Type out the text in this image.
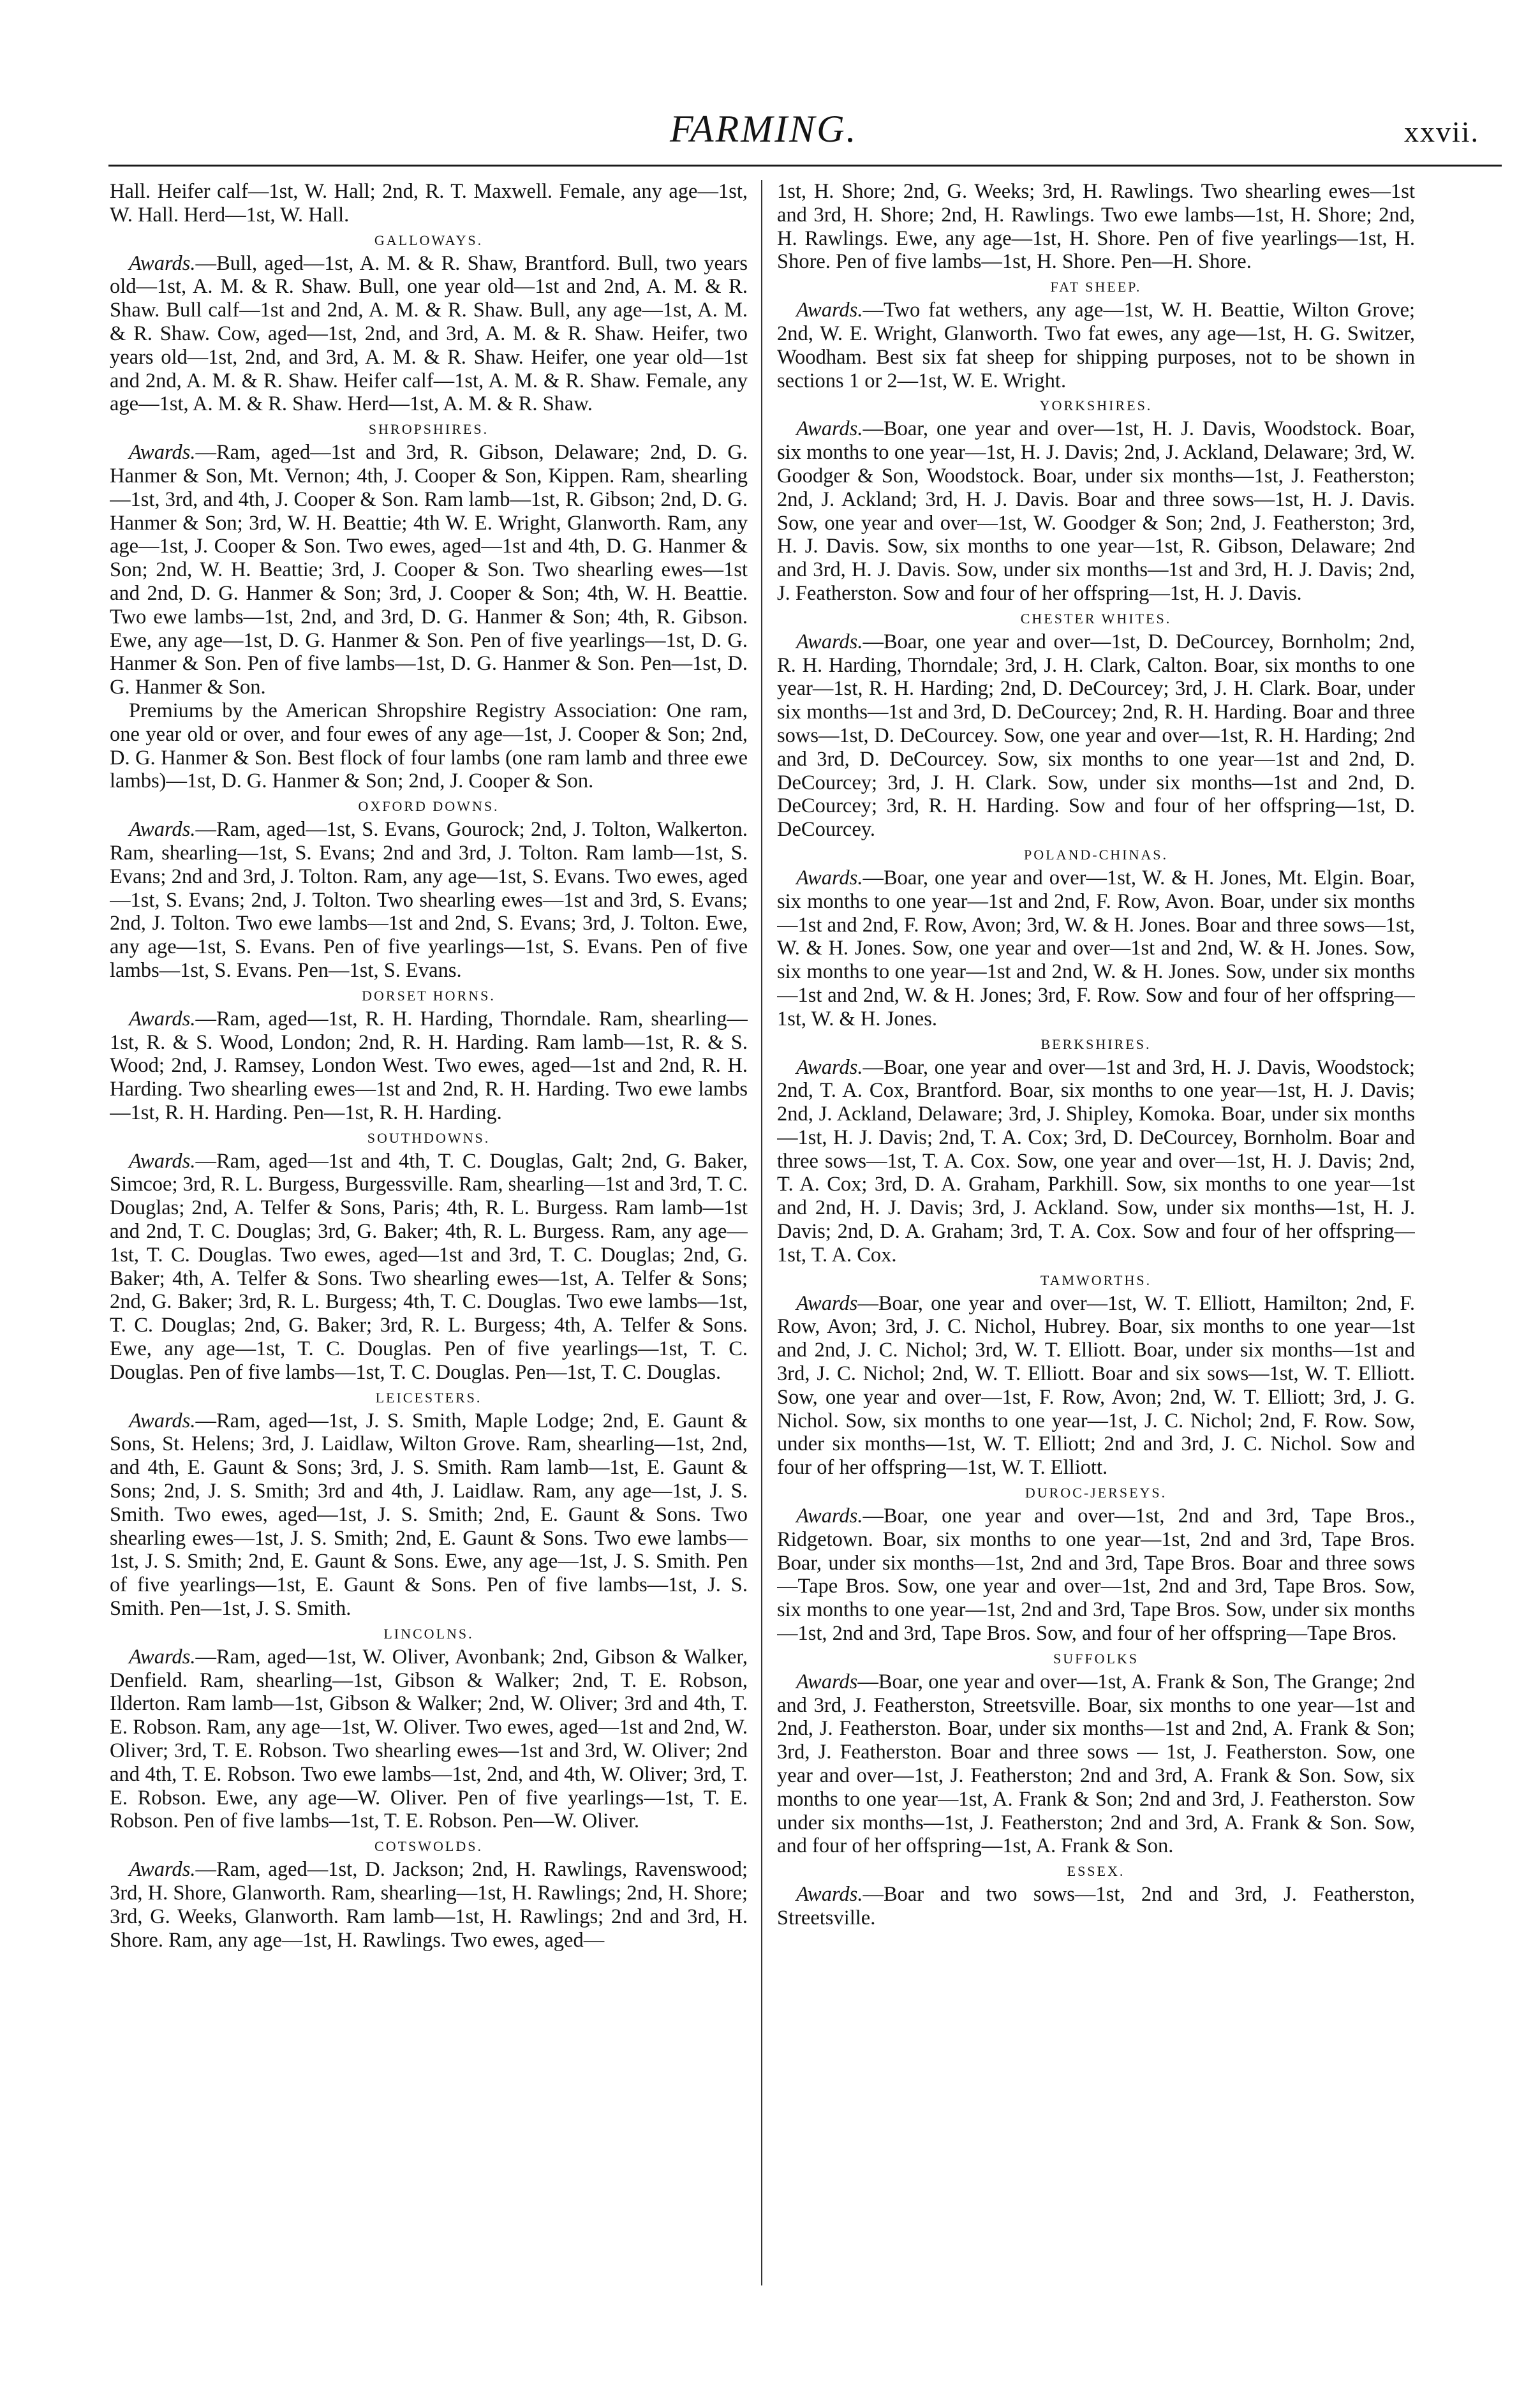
FARMING.	xxvii.

Hall. Heifer calf—1st, W. Hall; 2nd, R. T. Maxwell. Female, any age—1st, W. Hall. Herd—1st, W. Hall.

GALLOWAYS.

Awards.—Bull, aged—1st, A. M. & R. Shaw, Brantford. Bull, two years old—1st, A. M. & R. Shaw. Bull, one year old—1st and 2nd, A. M. & R. Shaw. Bull calf—1st and 2nd, A. M. & R. Shaw. Bull, any age—1st, A. M. & R. Shaw. Cow, aged—1st, 2nd, and 3rd, A. M. & R. Shaw. Heifer, two years old—1st, 2nd, and 3rd, A. M. & R. Shaw. Heifer, one year old—1st and 2nd, A. M. & R. Shaw. Heifer calf—1st, A. M. & R. Shaw. Female, any age—1st, A. M. & R. Shaw. Herd—1st, A. M. & R. Shaw.

SHROPSHIRES.

Awards.—Ram, aged—1st and 3rd, R. Gibson, Delaware; 2nd, D. G. Hanmer & Son, Mt. Vernon; 4th, J. Cooper & Son, Kippen. Ram, shearling—1st, 3rd, and 4th, J. Cooper & Son. Ram lamb—1st, R. Gibson; 2nd, D. G. Hanmer & Son; 3rd, W. H. Beattie; 4th W. E. Wright, Glanworth. Ram, any age—1st, J. Cooper & Son. Two ewes, aged—1st and 4th, D. G. Hanmer & Son; 2nd, W. H. Beattie; 3rd, J. Cooper & Son. Two shearling ewes—1st and 2nd, D. G. Hanmer & Son; 3rd, J. Cooper & Son; 4th, W. H. Beattie. Two ewe lambs—1st, 2nd, and 3rd, D. G. Hanmer & Son; 4th, R. Gibson. Ewe, any age—1st, D. G. Hanmer & Son. Pen of five yearlings—1st, D. G. Hanmer & Son. Pen of five lambs—1st, D. G. Hanmer & Son. Pen—1st, D. G. Hanmer & Son.

Premiums by the American Shropshire Registry Association: One ram, one year old or over, and four ewes of any age—1st, J. Cooper & Son; 2nd, D. G. Hanmer & Son. Best flock of four lambs (one ram lamb and three ewe lambs)—1st, D. G. Hanmer & Son; 2nd, J. Cooper & Son.

OXFORD DOWNS.

Awards.—Ram, aged—1st, S. Evans, Gourock; 2nd, J. Tolton, Walkerton. Ram, shearling—1st, S. Evans; 2nd and 3rd, J. Tolton. Ram lamb—1st, S. Evans; 2nd and 3rd, J. Tolton. Ram, any age—1st, S. Evans. Two ewes, aged—1st, S. Evans; 2nd, J. Tolton. Two shearling ewes—1st and 3rd, S. Evans; 2nd, J. Tolton. Two ewe lambs—1st and 2nd, S. Evans; 3rd, J. Tolton. Ewe, any age—1st, S. Evans. Pen of five yearlings—1st, S. Evans. Pen of five lambs—1st, S. Evans. Pen—1st, S. Evans.

DORSET HORNS.

Awards.—Ram, aged—1st, R. H. Harding, Thorndale. Ram, shearling—1st, R. & S. Wood, London; 2nd, R. H. Harding. Ram lamb—1st, R. & S. Wood; 2nd, J. Ramsey, London West. Two ewes, aged—1st and 2nd, R. H. Harding. Two shearling ewes—1st and 2nd, R. H. Harding. Two ewe lambs—1st, R. H. Harding. Pen—1st, R. H. Harding.

SOUTHDOWNS.

Awards.—Ram, aged—1st and 4th, T. C. Douglas, Galt; 2nd, G. Baker, Simcoe; 3rd, R. L. Burgess, Burgessville. Ram, shearling—1st and 3rd, T. C. Douglas; 2nd, A. Telfer & Sons, Paris; 4th, R. L. Burgess. Ram lamb—1st and 2nd, T. C. Douglas; 3rd, G. Baker; 4th, R. L. Burgess. Ram, any age—1st, T. C. Douglas. Two ewes, aged—1st and 3rd, T. C. Douglas; 2nd, G. Baker; 4th, A. Telfer & Sons. Two shearling ewes—1st, A. Telfer & Sons; 2nd, G. Baker; 3rd, R. L. Burgess; 4th, T. C. Douglas. Two ewe lambs—1st, T. C. Douglas; 2nd, G. Baker; 3rd, R. L. Burgess; 4th, A. Telfer & Sons. Ewe, any age—1st, T. C. Douglas. Pen of five yearlings—1st, T. C. Douglas. Pen of five lambs—1st, T. C. Douglas. Pen—1st, T. C. Douglas.

LEICESTERS.

Awards.—Ram, aged—1st, J. S. Smith, Maple Lodge; 2nd, E. Gaunt & Sons, St. Helens; 3rd, J. Laidlaw, Wilton Grove. Ram, shearling—1st, 2nd, and 4th, E. Gaunt & Sons; 3rd, J. S. Smith. Ram lamb—1st, E. Gaunt & Sons; 2nd, J. S. Smith; 3rd and 4th, J. Laidlaw. Ram, any age—1st, J. S. Smith. Two ewes, aged—1st, J. S. Smith; 2nd, E. Gaunt & Sons. Two shearling ewes—1st, J. S. Smith; 2nd, E. Gaunt & Sons. Two ewe lambs—1st, J. S. Smith; 2nd, E. Gaunt & Sons. Ewe, any age—1st, J. S. Smith. Pen of five yearlings—1st, E. Gaunt & Sons. Pen of five lambs—1st, J. S. Smith. Pen—1st, J. S. Smith.

LINCOLNS.

Awards.—Ram, aged—1st, W. Oliver, Avonbank; 2nd, Gibson & Walker, Denfield. Ram, shearling—1st, Gibson & Walker; 2nd, T. E. Robson, Ilderton. Ram lamb—1st, Gibson & Walker; 2nd, W. Oliver; 3rd and 4th, T. E. Robson. Ram, any age—1st, W. Oliver. Two ewes, aged—1st and 2nd, W. Oliver; 3rd, T. E. Robson. Two shearling ewes—1st and 3rd, W. Oliver; 2nd and 4th, T. E. Robson. Two ewe lambs—1st, 2nd, and 4th, W. Oliver; 3rd, T. E. Robson. Ewe, any age—W. Oliver. Pen of five yearlings—1st, T. E. Robson. Pen of five lambs—1st, T. E. Robson. Pen—W. Oliver.

COTSWOLDS.

Awards.—Ram, aged—1st, D. Jackson; 2nd, H. Rawlings, Ravenswood; 3rd, H. Shore, Glanworth. Ram, shearling—1st, H. Rawlings; 2nd, H. Shore; 3rd, G. Weeks, Glanworth. Ram lamb—1st, H. Rawlings; 2nd and 3rd, H. Shore. Ram, any age—1st, H. Rawlings. Two ewes, aged—

1st, H. Shore; 2nd, G. Weeks; 3rd, H. Rawlings. Two shearling ewes—1st and 3rd, H. Shore; 2nd, H. Rawlings. Two ewe lambs—1st, H. Shore; 2nd, H. Rawlings. Ewe, any age—1st, H. Shore. Pen of five yearlings—1st, H. Shore. Pen of five lambs—1st, H. Shore. Pen—H. Shore.

FAT SHEEP.

Awards.—Two fat wethers, any age—1st, W. H. Beattie, Wilton Grove; 2nd, W. E. Wright, Glanworth. Two fat ewes, any age—1st, H. G. Switzer, Woodham. Best six fat sheep for shipping purposes, not to be shown in sections 1 or 2—1st, W. E. Wright.

YORKSHIRES.

Awards.—Boar, one year and over—1st, H. J. Davis, Woodstock. Boar, six months to one year—1st, H. J. Davis; 2nd, J. Ackland, Delaware; 3rd, W. Goodger & Son, Woodstock. Boar, under six months—1st, J. Featherston; 2nd, J. Ackland; 3rd, H. J. Davis. Boar and three sows—1st, H. J. Davis. Sow, one year and over—1st, W. Goodger & Son; 2nd, J. Featherston; 3rd, H. J. Davis. Sow, six months to one year—1st, R. Gibson, Delaware; 2nd and 3rd, H. J. Davis. Sow, under six months—1st and 3rd, H. J. Davis; 2nd, J. Featherston. Sow and four of her offspring—1st, H. J. Davis.

CHESTER WHITES.

Awards.—Boar, one year and over—1st, D. DeCourcey, Bornholm; 2nd, R. H. Harding, Thorndale; 3rd, J. H. Clark, Calton. Boar, six months to one year—1st, R. H. Harding; 2nd, D. DeCourcey; 3rd, J. H. Clark. Boar, under six months—1st and 3rd, D. DeCourcey; 2nd, R. H. Harding. Boar and three sows—1st, D. DeCourcey. Sow, one year and over—1st, R. H. Harding; 2nd and 3rd, D. DeCourcey. Sow, six months to one year—1st and 2nd, D. DeCourcey; 3rd, J. H. Clark. Sow, under six months—1st and 2nd, D. DeCourcey; 3rd, R. H. Harding. Sow and four of her offspring—1st, D. DeCourcey.

POLAND-CHINAS.

Awards.—Boar, one year and over—1st, W. & H. Jones, Mt. Elgin. Boar, six months to one year—1st and 2nd, F. Row, Avon. Boar, under six months—1st and 2nd, F. Row, Avon; 3rd, W. & H. Jones. Boar and three sows—1st, W. & H. Jones. Sow, one year and over—1st and 2nd, W. & H. Jones. Sow, six months to one year—1st and 2nd, W. & H. Jones. Sow, under six months—1st and 2nd, W. & H. Jones; 3rd, F. Row. Sow and four of her offspring—1st, W. & H. Jones.

BERKSHIRES.

Awards.—Boar, one year and over—1st and 3rd, H. J. Davis, Woodstock; 2nd, T. A. Cox, Brantford. Boar, six months to one year—1st, H. J. Davis; 2nd, J. Ackland, Delaware; 3rd, J. Shipley, Komoka. Boar, under six months—1st, H. J. Davis; 2nd, T. A. Cox; 3rd, D. DeCourcey, Bornholm. Boar and three sows—1st, T. A. Cox. Sow, one year and over—1st, H. J. Davis; 2nd, T. A. Cox; 3rd, D. A. Graham, Parkhill. Sow, six months to one year—1st and 2nd, H. J. Davis; 3rd, J. Ackland. Sow, under six months—1st, H. J. Davis; 2nd, D. A. Graham; 3rd, T. A. Cox. Sow and four of her offspring—1st, T. A. Cox.

TAMWORTHS.

Awards—Boar, one year and over—1st, W. T. Elliott, Hamilton; 2nd, F. Row, Avon; 3rd, J. C. Nichol, Hubrey. Boar, six months to one year—1st and 2nd, J. C. Nichol; 3rd, W. T. Elliott. Boar, under six months—1st and 3rd, J. C. Nichol; 2nd, W. T. Elliott. Boar and six sows—1st, W. T. Elliott. Sow, one year and over—1st, F. Row, Avon; 2nd, W. T. Elliott; 3rd, J. G. Nichol. Sow, six months to one year—1st, J. C. Nichol; 2nd, F. Row. Sow, under six months—1st, W. T. Elliott; 2nd and 3rd, J. C. Nichol. Sow and four of her offspring—1st, W. T. Elliott.

DUROC-JERSEYS.

Awards.—Boar, one year and over—1st, 2nd and 3rd, Tape Bros., Ridgetown. Boar, six months to one year—1st, 2nd and 3rd, Tape Bros. Boar, under six months—1st, 2nd and 3rd, Tape Bros. Boar and three sows—Tape Bros. Sow, one year and over—1st, 2nd and 3rd, Tape Bros. Sow, six months to one year—1st, 2nd and 3rd, Tape Bros. Sow, under six months—1st, 2nd and 3rd, Tape Bros. Sow, and four of her offspring—Tape Bros.

SUFFOLKS

Awards—Boar, one year and over—1st, A. Frank & Son, The Grange; 2nd and 3rd, J. Featherston, Streetsville. Boar, six months to one year—1st and 2nd, J. Featherston. Boar, under six months—1st and 2nd, A. Frank & Son; 3rd, J. Featherston. Boar and three sows — 1st, J. Featherston. Sow, one year and over—1st, J. Featherston; 2nd and 3rd, A. Frank & Son. Sow, six months to one year—1st, A. Frank & Son; 2nd and 3rd, J. Featherston. Sow under six months—1st, J. Featherston; 2nd and 3rd, A. Frank & Son. Sow, and four of her offspring—1st, A. Frank & Son.

ESSEX.

Awards.—Boar and two sows—1st, 2nd and 3rd, J. Featherston, Streetsville.
